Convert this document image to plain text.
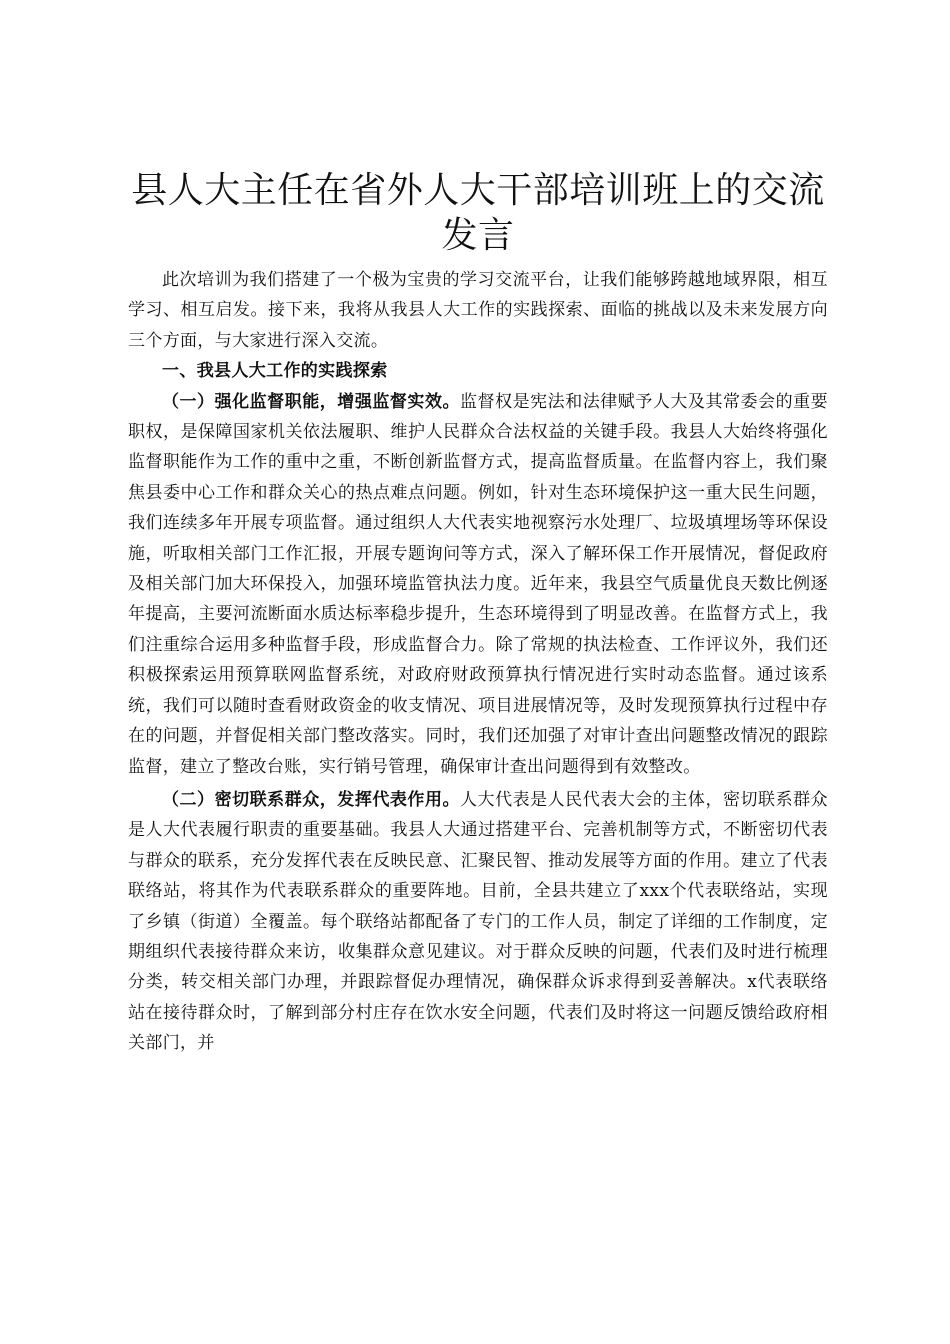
县人大主任在省外人大干部培训班上的交流发言

此次培训为我们搭建了一个极为宝贵的学习交流平台，让我们能够跨越地域界限，相互学习、相互启发。接下来，我将从我县人大工作的实践探索、面临的挑战以及未来发展方向三个方面，与大家进行深入交流。

一、我县人大工作的实践探索

（一）强化监督职能，增强监督实效。监督权是宪法和法律赋予人大及其常委会的重要职权，是保障国家机关依法履职、维护人民群众合法权益的关键手段。我县人大始终将强化监督职能作为工作的重中之重，不断创新监督方式，提高监督质量。在监督内容上，我们聚焦县委中心工作和群众关心的热点难点问题。例如，针对生态环境保护这一重大民生问题，我们连续多年开展专项监督。通过组织人大代表实地视察污水处理厂、垃圾填埋场等环保设施，听取相关部门工作汇报，开展专题询问等方式，深入了解环保工作开展情况，督促政府及相关部门加大环保投入，加强环境监管执法力度。近年来，我县空气质量优良天数比例逐年提高，主要河流断面水质达标率稳步提升，生态环境得到了明显改善。在监督方式上，我们注重综合运用多种监督手段，形成监督合力。除了常规的执法检查、工作评议外，我们还积极探索运用预算联网监督系统，对政府财政预算执行情况进行实时动态监督。通过该系统，我们可以随时查看财政资金的收支情况、项目进展情况等，及时发现预算执行过程中存在的问题，并督促相关部门整改落实。同时，我们还加强了对审计查出问题整改情况的跟踪监督，建立了整改台账，实行销号管理，确保审计查出问题得到有效整改。

（二）密切联系群众，发挥代表作用。人大代表是人民代表大会的主体，密切联系群众是人大代表履行职责的重要基础。我县人大通过搭建平台、完善机制等方式，不断密切代表与群众的联系，充分发挥代表在反映民意、汇聚民智、推动发展等方面的作用。建立了代表联络站，将其作为代表联系群众的重要阵地。目前，全县共建立了xxx个代表联络站，实现了乡镇（街道）全覆盖。每个联络站都配备了专门的工作人员，制定了详细的工作制度，定期组织代表接待群众来访，收集群众意见建议。对于群众反映的问题，代表们及时进行梳理分类，转交相关部门办理，并跟踪督促办理情况，确保群众诉求得到妥善解决。x代表联络站在接待群众时，了解到部分村庄存在饮水安全问题，代表们及时将这一问题反馈给政府相关部门，并
